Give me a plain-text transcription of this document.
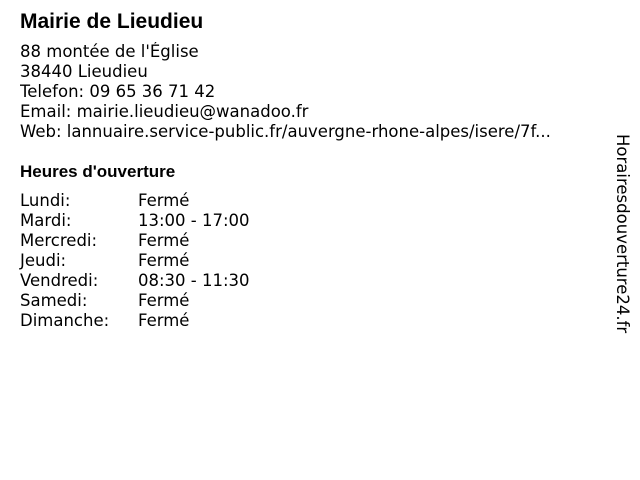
Mairie de Lieudieu
88 montée de l'Église
38440 Lieudieu
Telefon: 09 65 36 71 42
Email: mairie.lieudieu@wanadoo.fr
Web: lannuaire.service-public.fr/auvergne-rhone-alpes/isere/7f...
Heures d'ouverture
Lundi:	Fermé
Mardi:	13:00 - 17:00
Mercredi:	Fermé
Jeudi:	Fermé
Vendredi:	08:30 - 11:30
Samedi:	Fermé
Dimanche:	Fermé	Horairesdouverture24.fr
